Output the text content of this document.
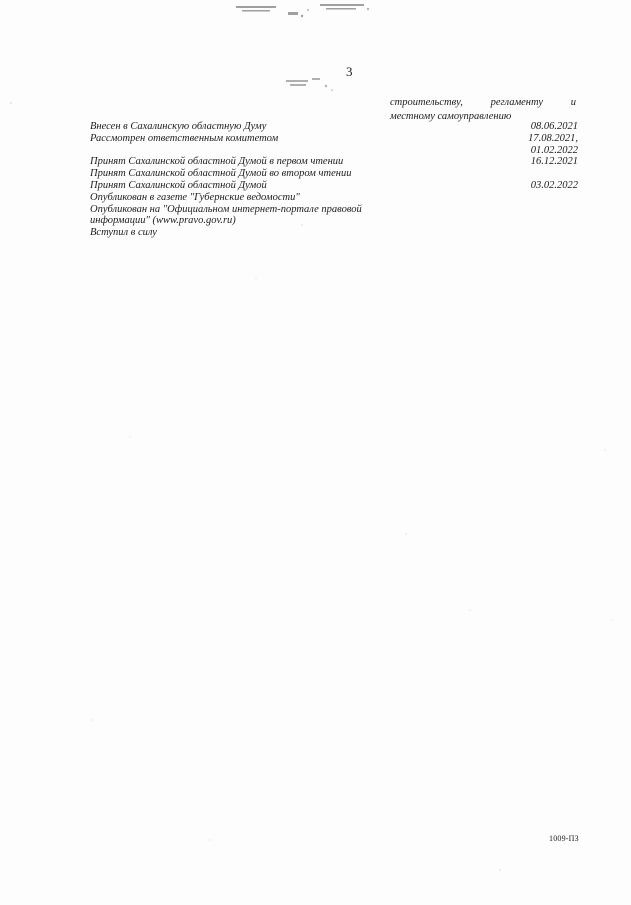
3
строительству,	регламенту	и
местному самоуправлению
Внесен в Сахалинскую областную Думу	08.06.2021
Рассмотрен ответственным комитетом	17.08.2021,
01.02.2022
Принят Сахалинской областной Думой в первом чтении	16.12.2021
Принят Сахалинской областной Думой во втором чтении
Принят Сахалинской областной Думой	03.02.2022
Опубликован в газете "Губернские ведомости"
Опубликован на "Официальном интернет-портале правовой информации" (www.pravo.gov.ru)
Вступил в силу
1009-ПЗ
